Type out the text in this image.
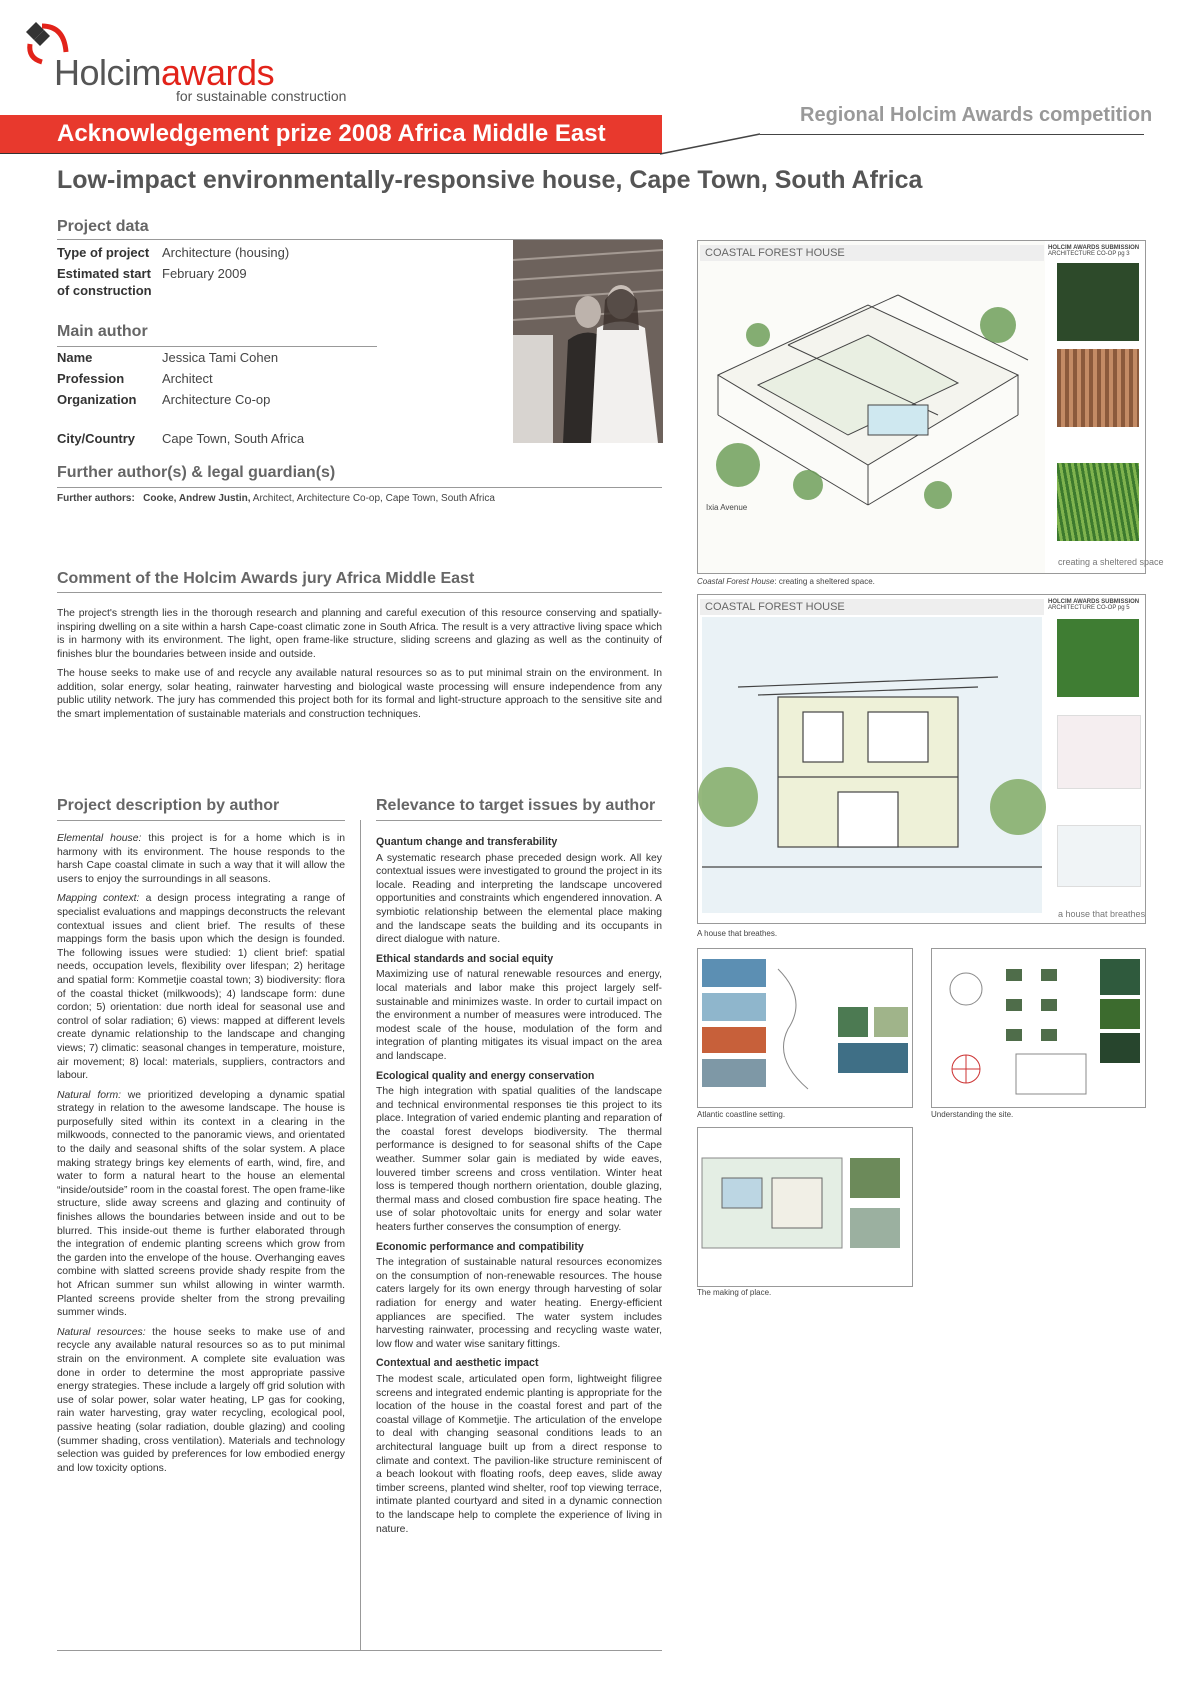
Holcimawards
for sustainable construction
Regional Holcim Awards competition
Acknowledgement prize 2008 Africa Middle East
Low-impact environmentally-responsive house, Cape Town, South Africa
Project data
Type of project Architecture (housing)
Estimated start
of construction
February 2009
Main author
Name	Jessica Tami Cohen
Profession	Architect
Organization Architecture Co-op
City/Country Cape Town, South Africa
Further author(s) & legal guardian(s)
Further authors: Cooke, Andrew Justin, Architect, Architecture Co-op, Cape Town, South Africa
Comment of the Holcim Awards jury Africa Middle East
The project's strength lies in the thorough research and planning and careful execution of this resource conserving and spatially-inspiring dwelling on a site within a harsh Cape-coast climatic zone in South Africa. The result is a very attractive living space which is in harmony with its environment. The light, open frame-like structure, sliding screens and glazing as well as the continuity of finishes blur the boundaries between inside and outside.
The house seeks to make use of and recycle any available natural resources so as to put minimal strain on the environment. In addition, solar energy, solar heating, rainwater harvesting and biological waste processing will ensure independence from any public utility network. The jury has commended this project both for its formal and light-structure approach to the sensitive site and the smart implementation of sustainable materials and construction techniques.
Project description by author

Elemental house: this project is for a home which is in harmony with its environment. The house responds to the harsh Cape coastal climate in such a way that it will allow the users to enjoy the surroundings in all seasons.

Mapping context: a design process integrating a range of specialist evaluations and mappings deconstructs the relevant contextual issues and client brief. The results of these mappings form the basis upon which the design is founded. The following issues were studied: 1) client brief: spatial needs, occupation levels, flexibility over lifespan; 2) heritage and spatial form: Kommetjie coastal town; 3) biodiversity: flora of the coastal thicket (milkwoods); 4) landscape form: dune cordon; 5) orientation: due north ideal for seasonal use and control of solar radiation; 6) views: mapped at different levels create dynamic relationship to the landscape and changing views; 7) climatic: seasonal changes in temperature, moisture, air movement; 8) local: materials, suppliers, contractors and labour.

Natural form: we prioritized developing a dynamic spatial strategy in relation to the awesome landscape. The house is purposefully sited within its context in a clearing in the milkwoods, connected to the panoramic views, and orientated to the daily and seasonal shifts of the solar system. A place making strategy brings key elements of earth, wind, fire, and water to form a natural heart to the house an elemental “inside/outside” room in the coastal forest. The open frame-like structure, slide away screens and glazing and continuity of finishes allows the boundaries between inside and out to be blurred. This inside-out theme is further elaborated through the integration of endemic planting screens which grow from the garden into the envelope of the house. Overhanging eaves combine with slatted screens provide shady respite from the hot African summer sun whilst allowing in winter warmth. Planted screens provide shelter from the strong prevailing summer winds.

Natural resources: the house seeks to make use of and recycle any available natural resources so as to put minimal strain on the environment. A complete site evaluation was done in order to determine the most appropriate passive energy strategies. These include a largely off grid solution with use of solar power, solar water heating, LP gas for cooking, rain water harvesting, gray water recycling, ecological pool, passive heating (solar radiation, double glazing) and cooling (summer shading, cross ventilation). Materials and technology selection was guided by preferences for low embodied energy and low toxicity options.

Relevance to target issues by author
Quantum change and transferability

A systematic research phase preceded design work. All key contextual issues were investigated to ground the project in its locale. Reading and interpreting the landscape uncovered opportunities and constraints which engendered innovation. A symbiotic relationship between the elemental place making and the landscape seats the building and its occupants in direct dialogue with nature.

Ethical standards and social equity

Maximizing use of natural renewable resources and energy, local materials and labor make this project largely self-sustainable and minimizes waste. In order to curtail impact on the environment a number of measures were introduced. The modest scale of the house, modulation of the form and integration of planting mitigates its visual impact on the area and landscape.

Ecological quality and energy conservation

The high integration with spatial qualities of the landscape and technical environmental responses tie this project to its place. Integration of varied endemic planting and reparation of the coastal forest develops biodiversity. The thermal performance is designed to for seasonal shifts of the Cape weather. Summer solar gain is mediated by wide eaves, louvered timber screens and cross ventilation. Winter heat loss is tempered though northern orientation, double glazing, thermal mass and closed combustion fire space heating. The use of solar photovoltaic units for energy and solar water heaters further conserves the consumption of energy.

Economic performance and compatibility

The integration of sustainable natural resources economizes on the consumption of non-renewable resources. The house caters largely for its own energy through harvesting of solar radiation for energy and water heating. Energy-efficient appliances are specified. The water system includes harvesting rainwater, processing and recycling waste water, low flow and water wise sanitary fittings.

Contextual and aesthetic impact

The modest scale, articulated open form, lightweight filigree screens and integrated endemic planting is appropriate for the location of the house in the coastal forest and part of the coastal village of Kommetjie. The articulation of the envelope to deal with changing seasonal conditions leads to an architectural language built up from a direct response to climate and context. The pavilion-like structure reminiscent of a beach lookout with floating roofs, deep eaves, slide away timber screens, planted wind shelter, roof top viewing terrace, intimate planted courtyard and sited in a dynamic connection to the landscape help to complete the experience of living in nature.

COASTAL FOREST HOUSE
Ixia Avenue
HOLCIM AWARDS SUBMISSION
ARCHITECTURE CO-OP pg 3
creating a sheltered space
Coastal Forest House: creating a sheltered space.
COASTAL FOREST HOUSE	HOLCIM AWARDS SUBMISSION
ARCHITECTURE CO-OP pg 5
a house that breathes
A house that breathes.
Atlantic coastline setting.	Understanding the site.
The making of place.
